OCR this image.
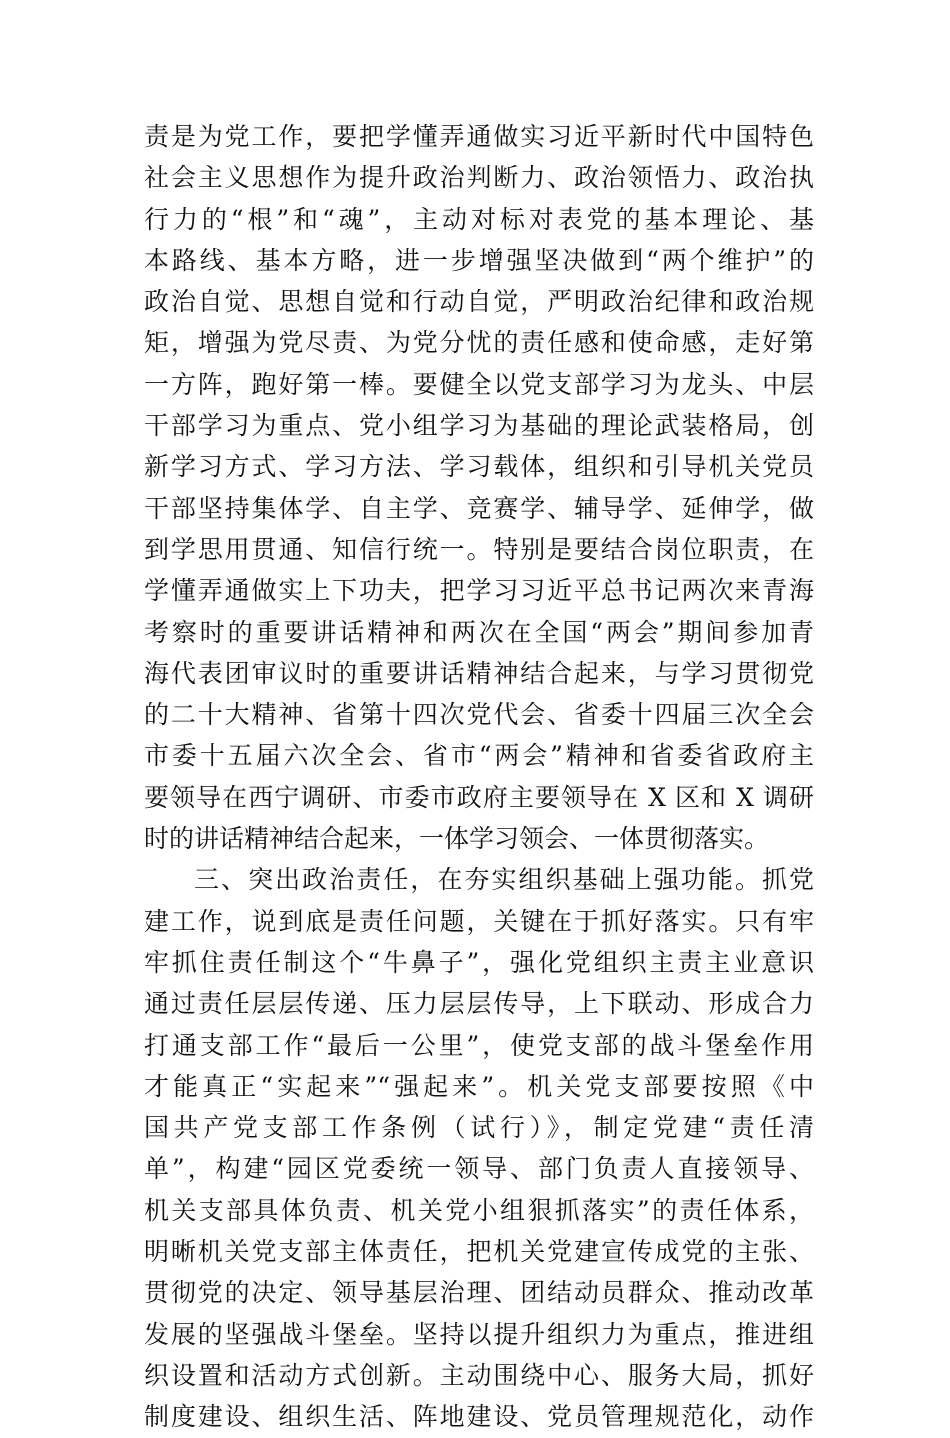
责是为党工作，要把学懂弄通做实习近平新时代中国特色
社会主义思想作为提升政治判断力、政治领悟力、政治执
行力的“根”和“魂”，主动对标对表党的基本理论、基
本路线、基本方略，进一步增强坚决做到“两个维护”的
政治自觉、思想自觉和行动自觉，严明政治纪律和政治规
矩，增强为党尽责、为党分忧的责任感和使命感，走好第
一方阵，跑好第一棒。要健全以党支部学习为龙头、中层
干部学习为重点、党小组学习为基础的理论武装格局，创
新学习方式、学习方法、学习载体，组织和引导机关党员
干部坚持集体学、自主学、竞赛学、辅导学、延伸学，做
到学思用贯通、知信行统一。特别是要结合岗位职责，在
学懂弄通做实上下功夫，把学习习近平总书记两次来青海
考察时的重要讲话精神和两次在全国“两会”期间参加青
海代表团审议时的重要讲话精神结合起来，与学习贯彻党
的二十大精神、省第十四次党代会、省委十四届三次全会
市委十五届六次全会、省市“两会”精神和省委省政府主
要领导在西宁调研、市委市政府主要领导在 X 区和 X 调研
时的讲话精神结合起来，一体学习领会、一体贯彻落实。
三、突出政治责任，在夯实组织基础上强功能。抓党
建工作，说到底是责任问题，关键在于抓好落实。只有牢
牢抓住责任制这个“牛鼻子”，强化党组织主责主业意识
通过责任层层传递、压力层层传导，上下联动、形成合力
打通支部工作“最后一公里”，使党支部的战斗堡垒作用
才能真正“实起来”“强起来”。机关党支部要按照《中
国共产党支部工作条例（试行）》，制定党建“责任清
单”，构建“园区党委统一领导、部门负责人直接领导、
机关支部具体负责、机关党小组狠抓落实”的责任体系，
明晰机关党支部主体责任，把机关党建宣传成党的主张、
贯彻党的决定、领导基层治理、团结动员群众、推动改革
发展的坚强战斗堡垒。坚持以提升组织力为重点，推进组
织设置和活动方式创新。主动围绕中心、服务大局，抓好
制度建设、组织生活、阵地建设、党员管理规范化，动作
